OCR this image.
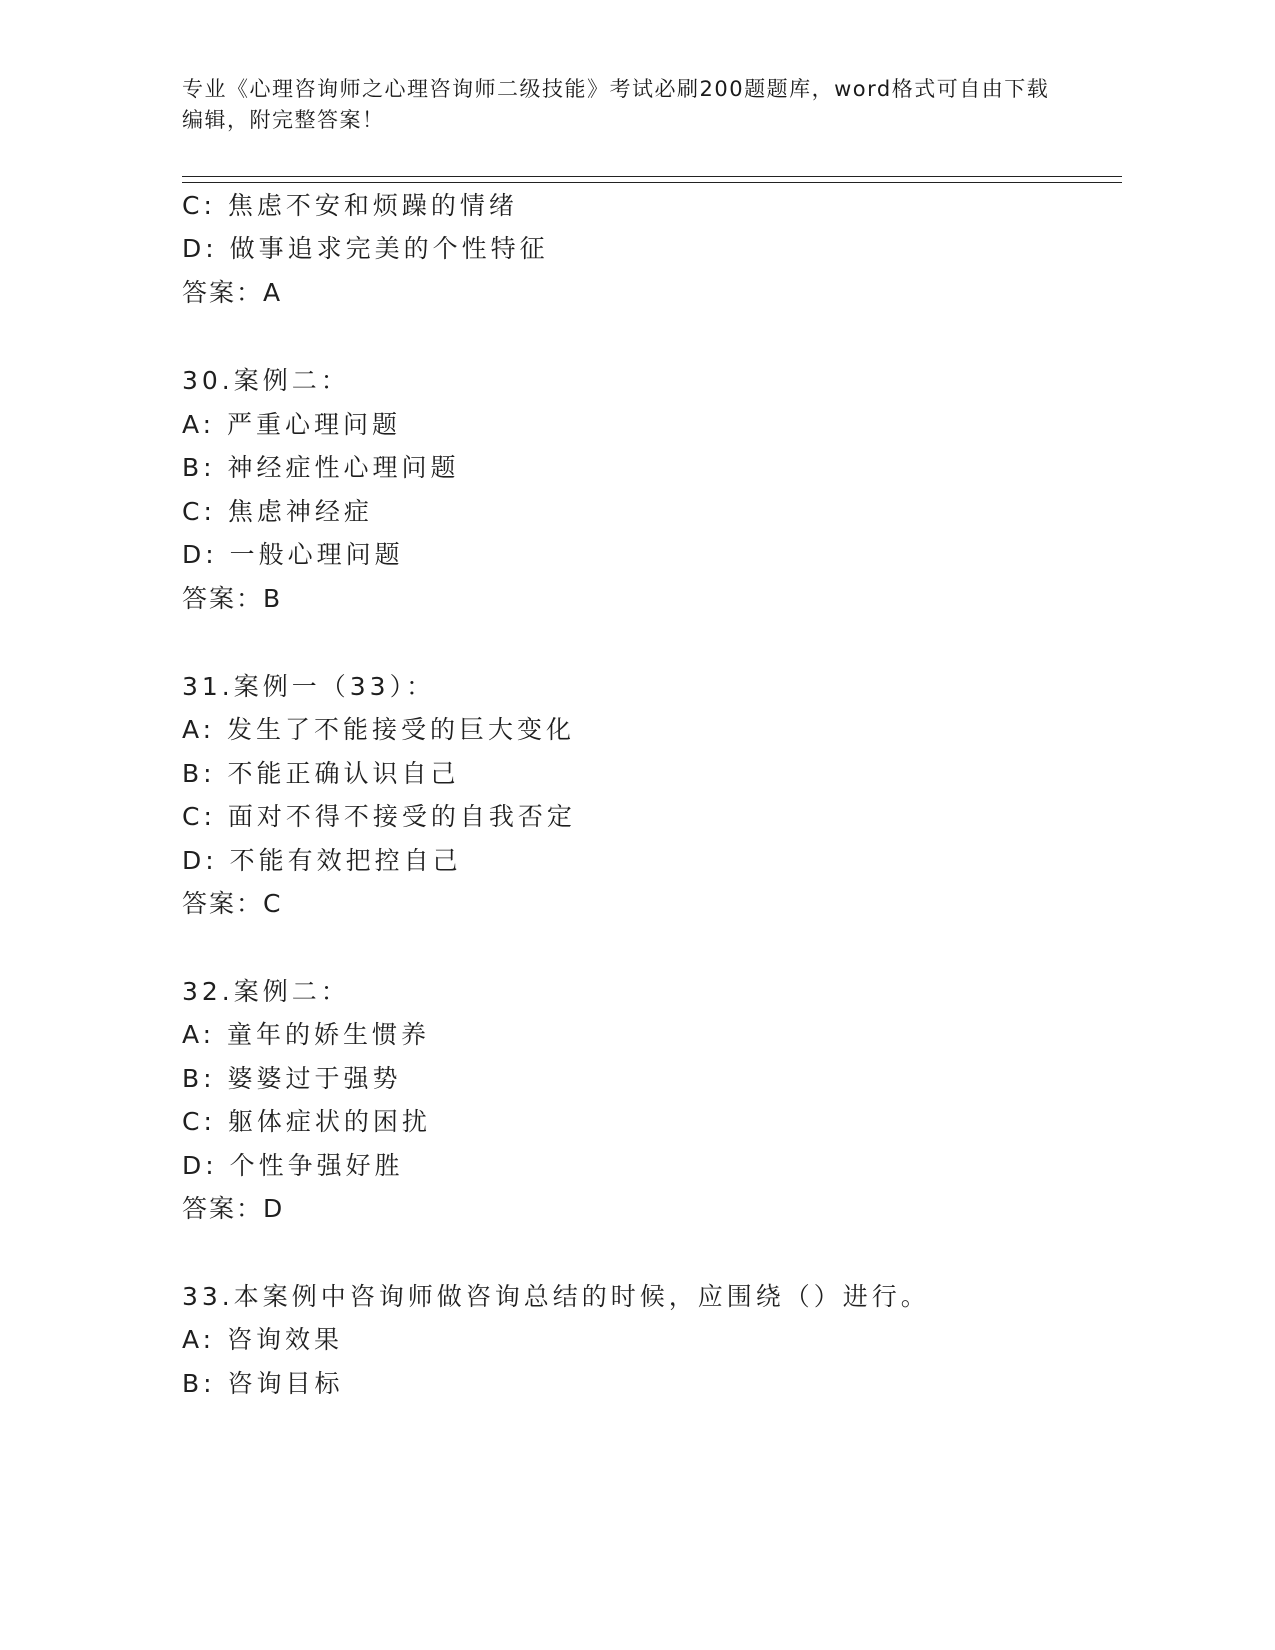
专业《心理咨询师之心理咨询师二级技能》考试必刷200题题库，word格式可自由下载编辑，附完整答案！
C: 焦虑不安和烦躁的情绪
D: 做事追求完美的个性特征
答案：A
30.案例二：
A: 严重心理问题
B: 神经症性心理问题
C: 焦虑神经症
D: 一般心理问题
答案：B
31.案例一（33）：
A: 发生了不能接受的巨大变化
B: 不能正确认识自己
C: 面对不得不接受的自我否定
D: 不能有效把控自己
答案：C
32.案例二：
A: 童年的娇生惯养
B: 婆婆过于强势
C: 躯体症状的困扰
D: 个性争强好胜
答案：D
33.本案例中咨询师做咨询总结的时候，应围绕（）进行。
A: 咨询效果
B: 咨询目标
